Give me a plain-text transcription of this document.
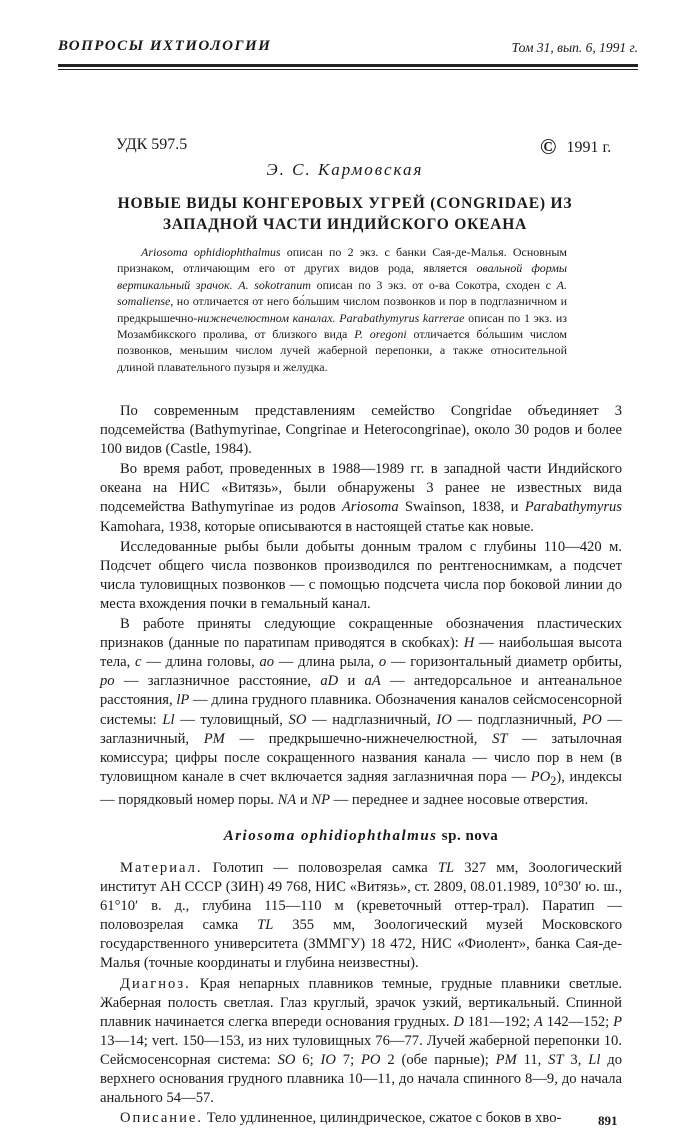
ВОПРОСЫ ИХТИОЛОГИИ	Том 31, вып. 6, 1991 г.
УДК 597.5	© 1991 г.
Э. С. Кармовская
НОВЫЕ ВИДЫ КОНГЕРОВЫХ УГРЕЙ (CONGRIDAE) ИЗ ЗАПАДНОЙ ЧАСТИ ИНДИЙСКОГО ОКЕАНА
Ariosoma ophidiophthalmus описан по 2 экз. с банки Сая-де-Малья. Основным признаком, отличающим его от других видов рода, является овальной формы вертикальный зрачок. A. sokotranum описан по 3 экз. от о-ва Сокотра, сходен с A. somaliense, но отличается от него бо́льшим числом позвонков и пор в подглазничном и предкрышечно-нижнечелюстном каналах. Parabathymyrus karrerae описан по 1 экз. из Мозамбикского пролива, от близкого вида P. oregoni отличается бо́льшим числом позвонков, меньшим числом лучей жаберной перепонки, а также относительной длиной плавательного пузыря и желудка.

По современным представлениям семейство Congridae объединяет 3 подсемейства (Bathymyrinae, Congrinae и Heterocongrinae), около 30 родов и более 100 видов (Castle, 1984).

Во время работ, проведенных в 1988—1989 гг. в западной части Индийского океана на НИС «Витязь», были обнаружены 3 ранее не известных вида подсемейства Bathymyrinae из родов Ariosoma Swainson, 1838, и Parabathymyrus Kamohara, 1938, которые описываются в настоящей статье как новые.

Исследованные рыбы были добыты донным тралом с глубины 110—420 м. Подсчет общего числа позвонков производился по рентгеноснимкам, а подсчет числа туловищных позвонков — с помощью подсчета числа пор боковой линии до места вхождения почки в гемальный канал.

В работе приняты следующие сокращенные обозначения пластических признаков (данные по паратипам приводятся в скобках): H — наибольшая высота тела, c — длина головы, ao — длина рыла, o — горизонтальный диаметр орбиты, po — заглазничное расстояние, aD и aA — антедорсальное и антеанальное расстояния, lP — длина грудного плавника. Обозначения каналов сейсмосенсорной системы: Ll — туловищный, SO — надглазничный, IO — подглазничный, PO — заглазничный, PM — предкрышечно-нижнечелюстной, ST — затылочная комиссура; цифры после сокращенного названия канала — число пор в нем (в туловищном канале в счет включается задняя заглазничная пора — $PO_2$), индексы — порядковый номер поры. NA и NP — переднее и заднее носовые отверстия.

Ariosoma ophidiophthalmus sp. nova

Материал. Голотип — половозрелая самка TL 327 мм, Зоологический институт АН СССР (ЗИН) 49 768, НИС «Витязь», ст. 2809, 08.01.1989, 10°30′ ю. ш., 61°10′ в. д., глубина 115—110 м (креветочный оттер-трал). Паратип — половозрелая самка TL 355 мм, Зоологический музей Московского государственного университета (ЗММГУ) 18 472, НИС «Фиолент», банка Сая-де-Малья (точные координаты и глубина неизвестны).

Диагноз. Края непарных плавников темные, грудные плавники светлые. Жаберная полость светлая. Глаз круглый, зрачок узкий, вертикальный. Спинной плавник начинается слегка впереди основания грудных. D 181—192; A 142—152; P 13—14; vert. 150—153, из них туловищных 76—77. Лучей жаберной перепонки 10. Сейсмосенсорная система: SO 6; IO 7; PO 2 (обе парные); PM 11, ST 3, Ll до верхнего основания грудного плавника 10—11, до начала спинного 8—9, до начала анального 54—57.

Описание. Тело удлиненное, цилиндрическое, сжатое с боков в хво-	891
